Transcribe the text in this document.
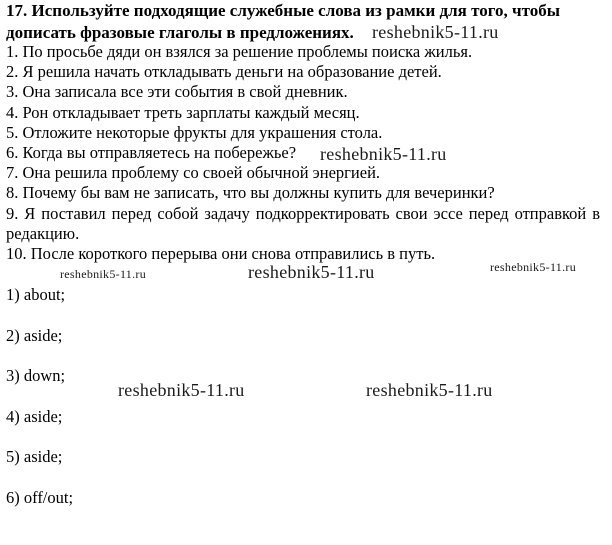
17. Используйте подходящие служебные слова из рамки для того, чтобы дописать фразовые глаголы в предложениях.

1. По просьбе дяди он взялся за решение проблемы поиска жилья.
2. Я решила начать откладывать деньги на образование детей.
3. Она записала все эти события в свой дневник.
4. Рон откладывает треть зарплаты каждый месяц.
5. Отложите некоторые фрукты для украшения стола.
6. Когда вы отправляетесь на побережье?
7. Она решила проблему со своей обычной энергией.
8. Почему бы вам не записать, что вы должны купить для вечеринки?
9. Я поставил перед собой задачу подкорректировать свои эссе перед отправкой в редакцию.
10. После короткого перерыва они снова отправились в путь.
1) about;
2) aside;
3) down;
4) aside;
5) aside;
6) off/out;
reshebnik5-11.ru
reshebnik5-11.ru
reshebnik5-11.ru	reshebnik5-11.ru	reshebnik5-11.ru
reshebnik5-11.ru	reshebnik5-11.ru
